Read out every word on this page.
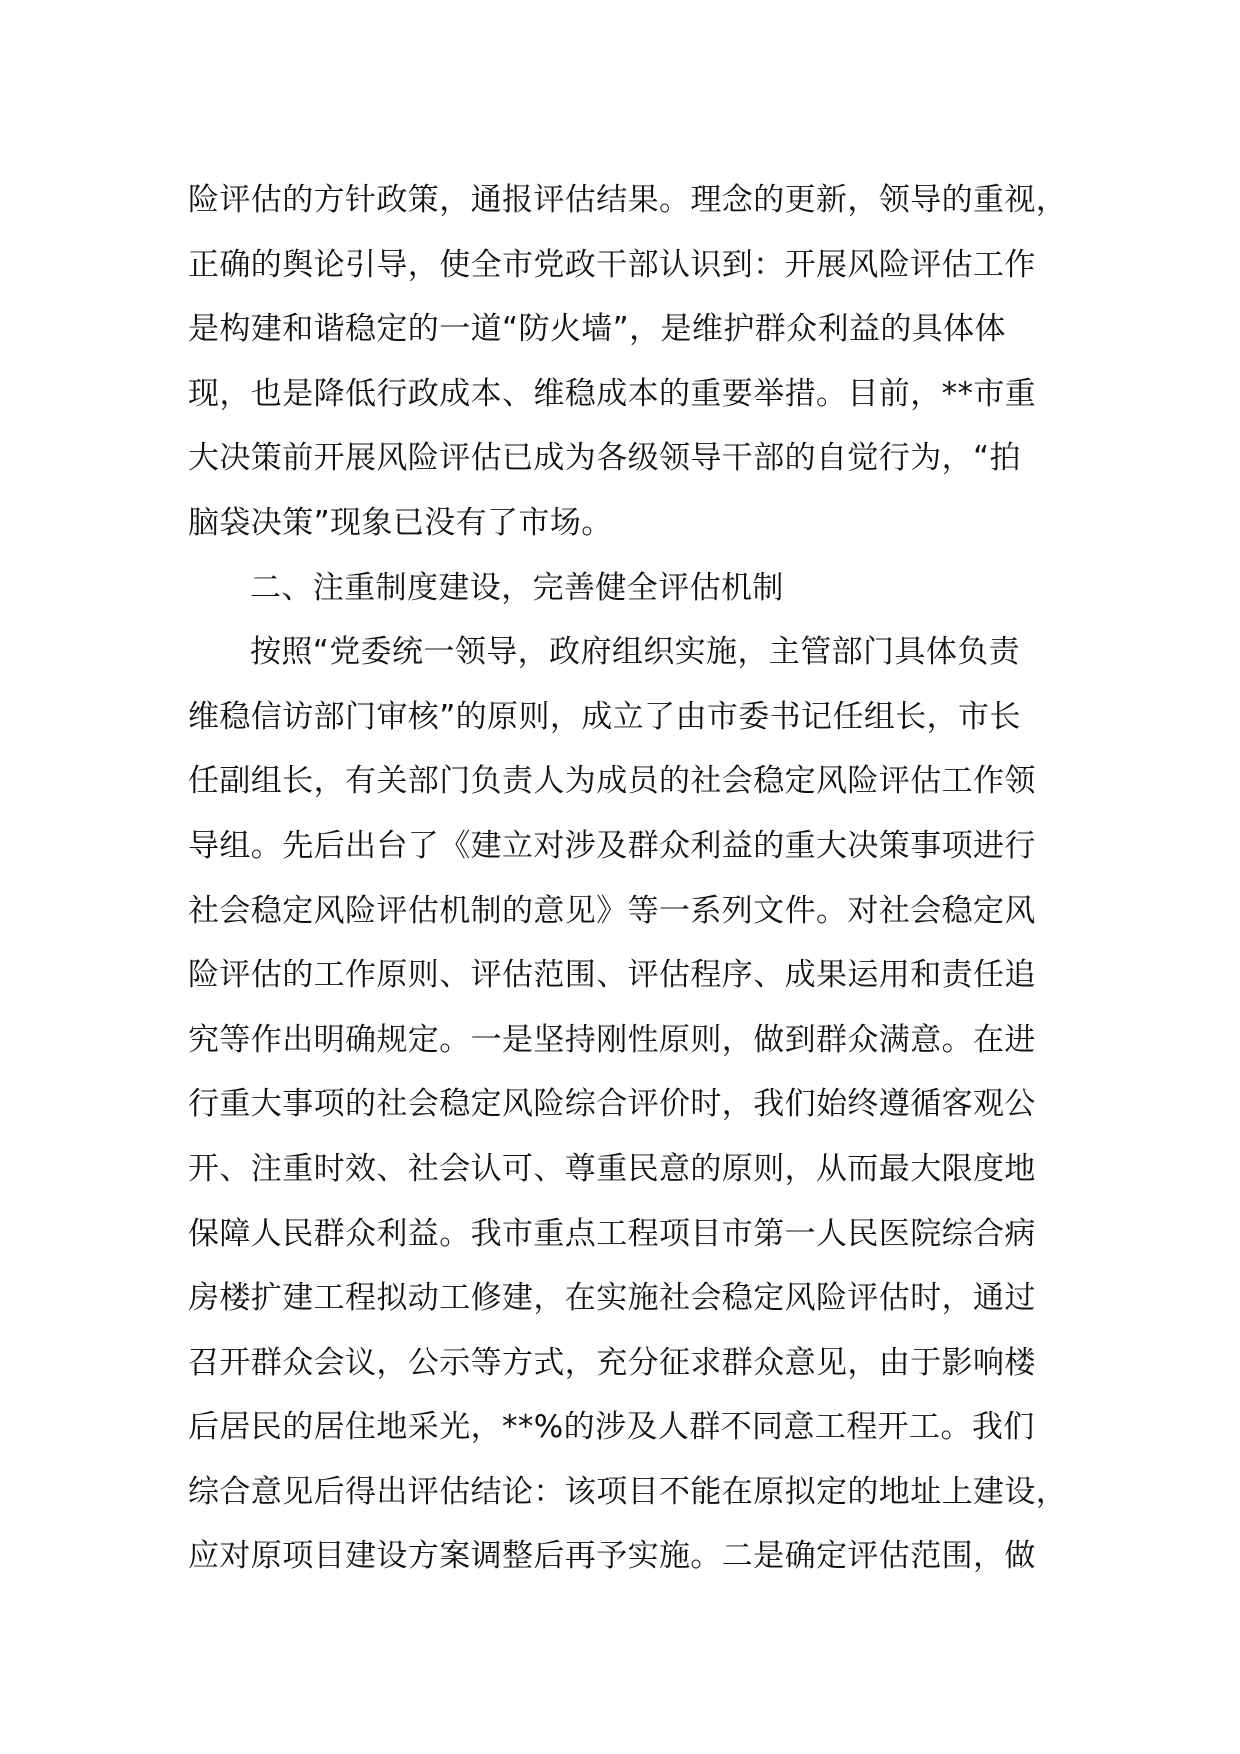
险评估的方针政策，通报评估结果。理念的更新，领导的重视，
正确的舆论引导，使全市党政干部认识到：开展风险评估工作
是构建和谐稳定的一道“防火墙”，是维护群众利益的具体体
现，也是降低行政成本、维稳成本的重要举措。目前，**市重
大决策前开展风险评估已成为各级领导干部的自觉行为，“拍
脑袋决策”现象已没有了市场。
二、注重制度建设，完善健全评估机制
按照“党委统一领导，政府组织实施，主管部门具体负责
维稳信访部门审核”的原则，成立了由市委书记任组长，市长
任副组长，有关部门负责人为成员的社会稳定风险评估工作领
导组。先后出台了《建立对涉及群众利益的重大决策事项进行
社会稳定风险评估机制的意见》等一系列文件。对社会稳定风
险评估的工作原则、评估范围、评估程序、成果运用和责任追
究等作出明确规定。一是坚持刚性原则，做到群众满意。在进
行重大事项的社会稳定风险综合评价时，我们始终遵循客观公
开、注重时效、社会认可、尊重民意的原则，从而最大限度地
保障人民群众利益。我市重点工程项目市第一人民医院综合病
房楼扩建工程拟动工修建，在实施社会稳定风险评估时，通过
召开群众会议，公示等方式，充分征求群众意见，由于影响楼
后居民的居住地采光，**%的涉及人群不同意工程开工。我们
综合意见后得出评估结论：该项目不能在原拟定的地址上建设，
应对原项目建设方案调整后再予实施。二是确定评估范围，做
